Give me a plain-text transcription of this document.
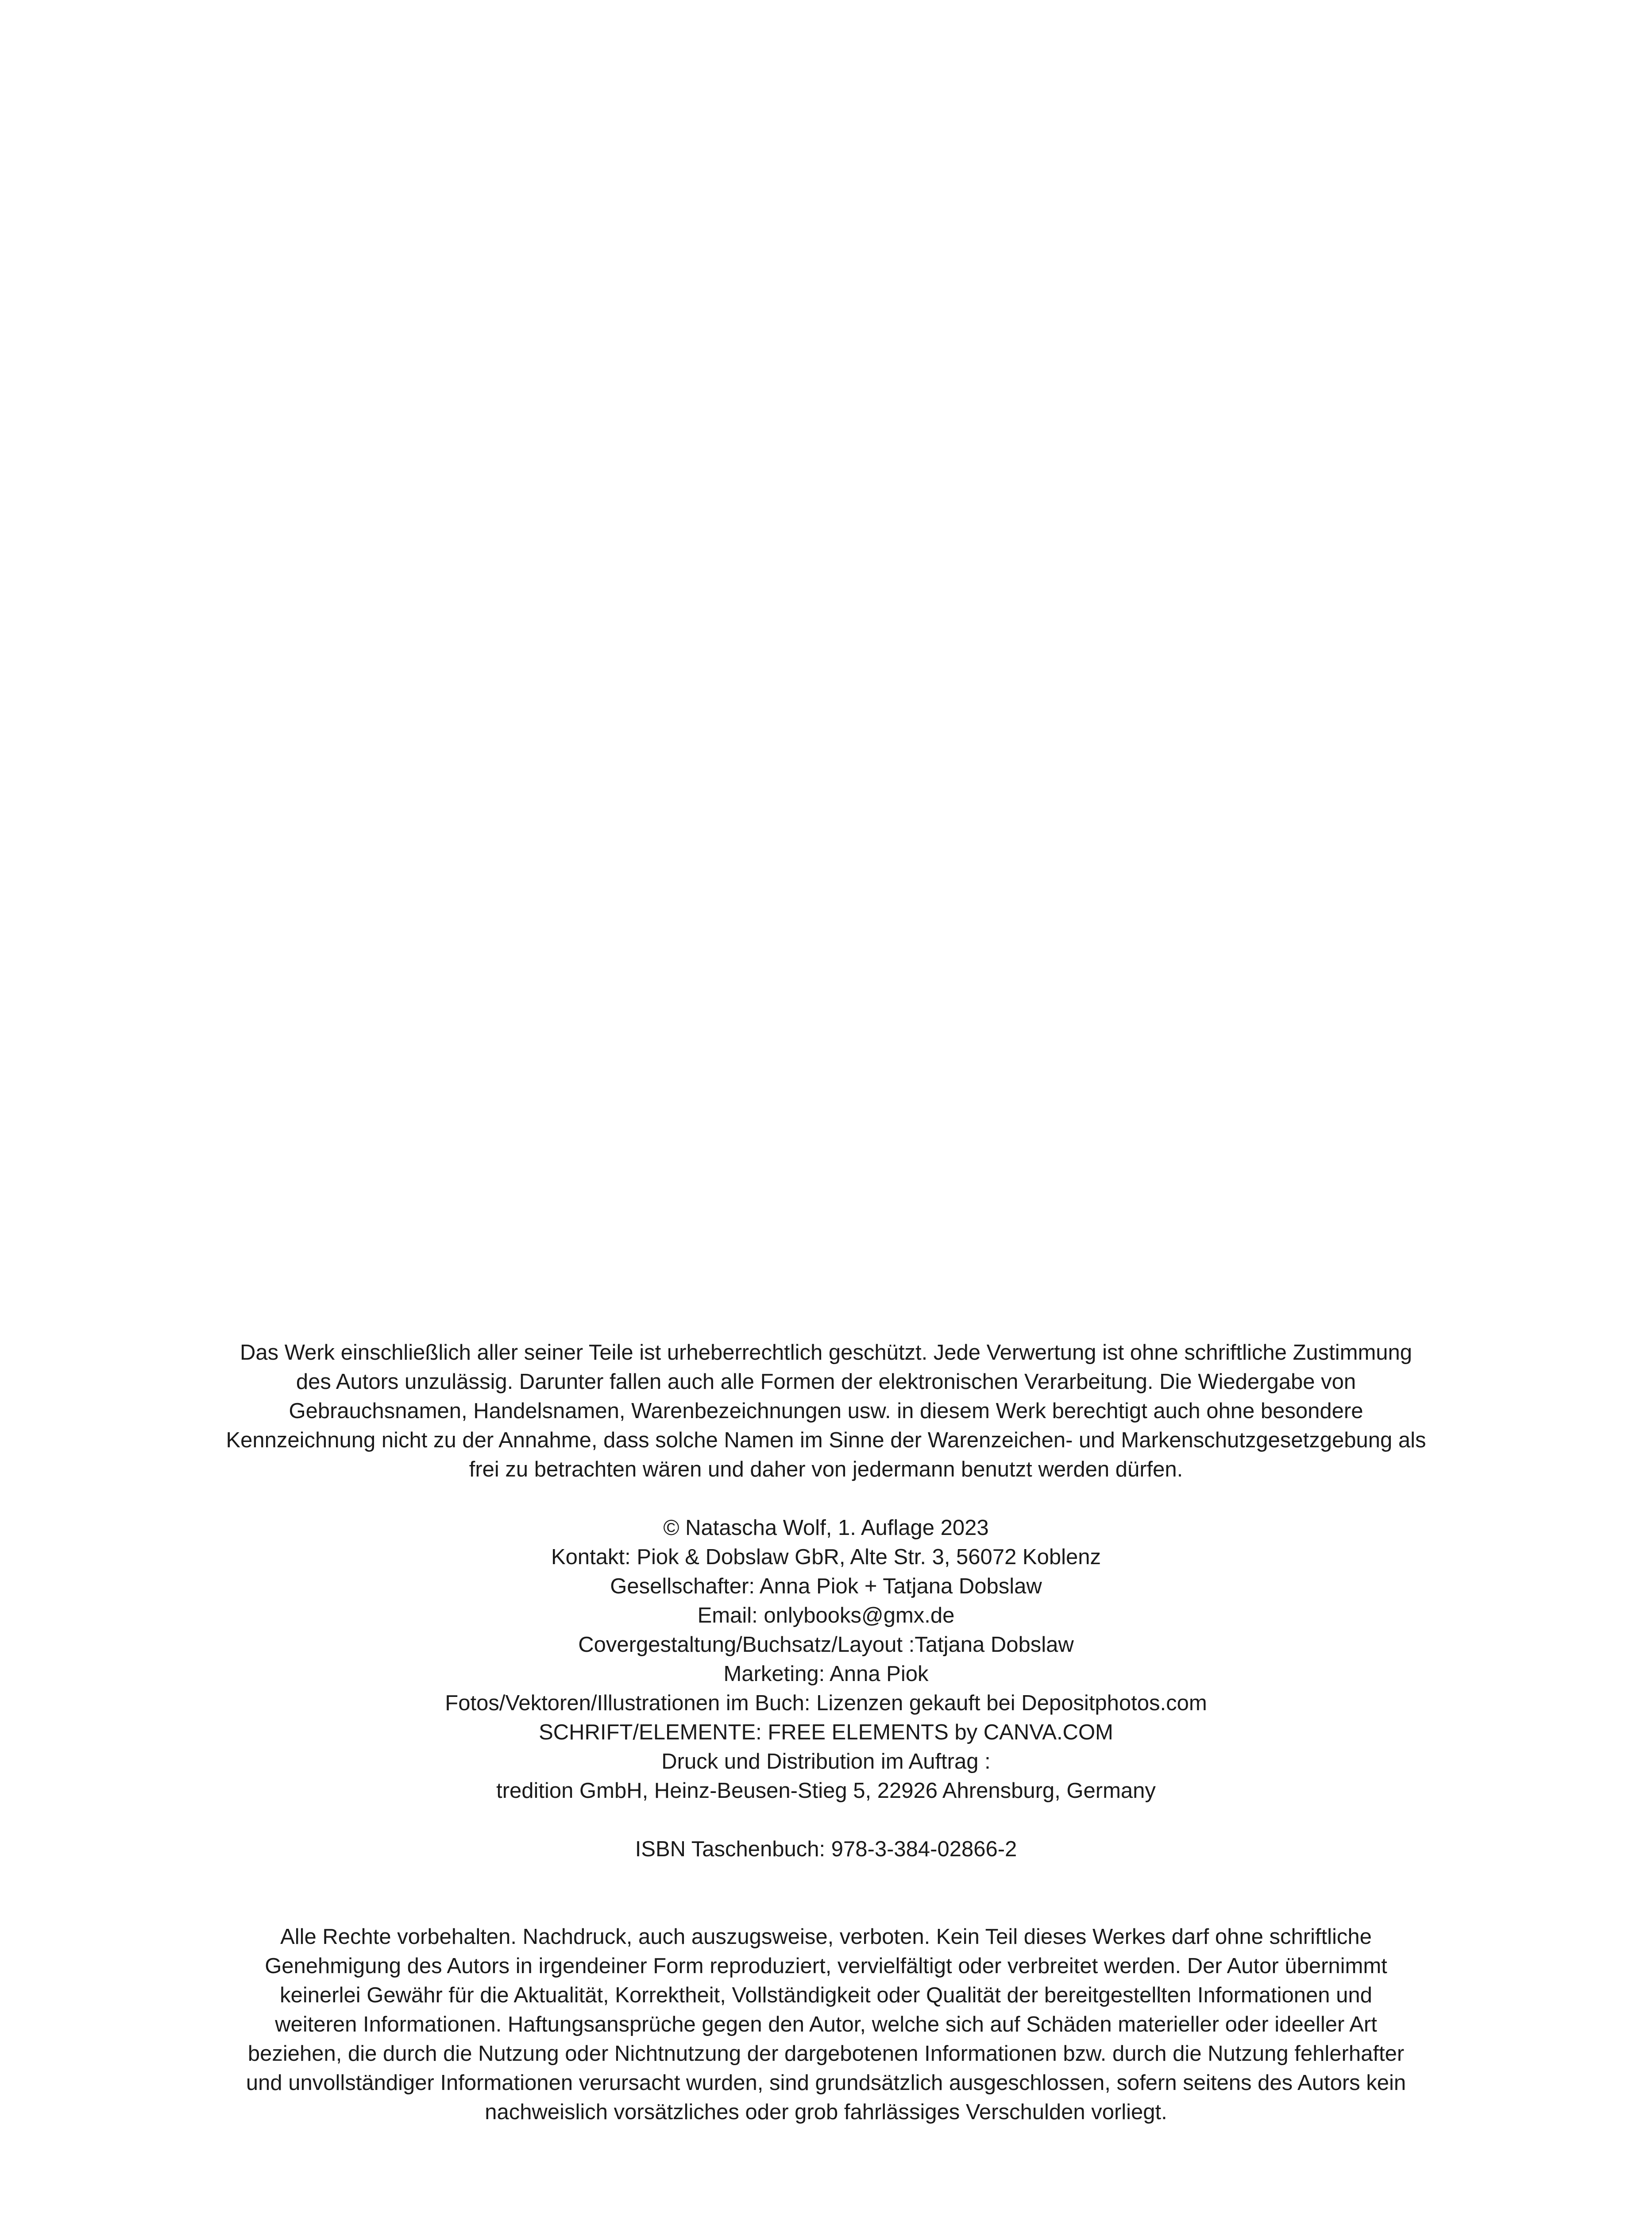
Das Werk einschließlich aller seiner Teile ist urheberrechtlich geschützt. Jede Verwertung ist ohne schriftliche Zustimmung
des Autors unzulässig. Darunter fallen auch alle Formen der elektronischen Verarbeitung. Die Wiedergabe von
Gebrauchsnamen, Handelsnamen, Warenbezeichnungen usw. in diesem Werk berechtigt auch ohne besondere
Kennzeichnung nicht zu der Annahme, dass solche Namen im Sinne der Warenzeichen- und Markenschutzgesetzgebung als
frei zu betrachten wären und daher von jedermann benutzt werden dürfen.
© Natascha Wolf, 1. Auflage 2023
Kontakt: Piok & Dobslaw GbR, Alte Str. 3, 56072 Koblenz
Gesellschafter: Anna Piok + Tatjana Dobslaw
Email: onlybooks@gmx.de
Covergestaltung/Buchsatz/Layout :Tatjana Dobslaw
Marketing: Anna Piok
Fotos/Vektoren/Illustrationen im Buch: Lizenzen gekauft bei Depositphotos.com
SCHRIFT/ELEMENTE: FREE ELEMENTS by CANVA.COM
Druck und Distribution im Auftrag :
tredition GmbH, Heinz-Beusen-Stieg 5, 22926 Ahrensburg, Germany
ISBN Taschenbuch: 978-3-384-02866-2
Alle Rechte vorbehalten. Nachdruck, auch auszugsweise, verboten. Kein Teil dieses Werkes darf ohne schriftliche
Genehmigung des Autors in irgendeiner Form reproduziert, vervielfältigt oder verbreitet werden. Der Autor übernimmt
keinerlei Gewähr für die Aktualität, Korrektheit, Vollständigkeit oder Qualität der bereitgestellten Informationen und
weiteren Informationen. Haftungsansprüche gegen den Autor, welche sich auf Schäden materieller oder ideeller Art
beziehen, die durch die Nutzung oder Nichtnutzung der dargebotenen Informationen bzw. durch die Nutzung fehlerhafter
und unvollständiger Informationen verursacht wurden, sind grundsätzlich ausgeschlossen, sofern seitens des Autors kein
nachweislich vorsätzliches oder grob fahrlässiges Verschulden vorliegt.
